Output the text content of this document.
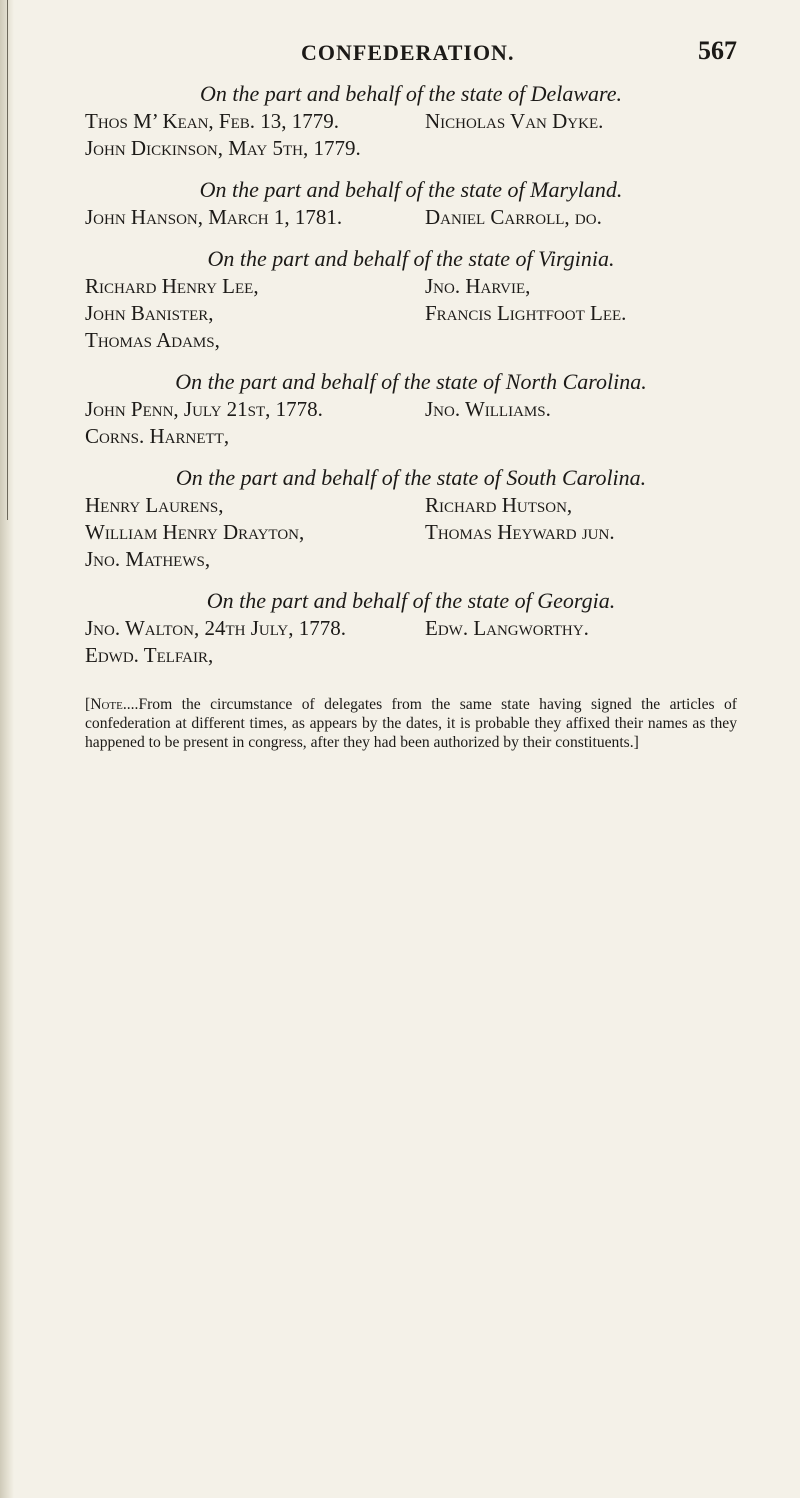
CONFEDERATION.	567

On the part and behalf of the state of Delaware.

Thos M’ Kean, Feb. 13, 1779.	Nicholas Van Dyke.
John Dickinson, May 5th, 1779.

On the part and behalf of the state of Maryland.

John Hanson, March 1, 1781.	Daniel Carroll, do.

On the part and behalf of the state of Virginia.

Richard Henry Lee,	Jno. Harvie,
John Banister,	Francis Lightfoot Lee.
Thomas Adams,

On the part and behalf of the state of North Carolina.

John Penn, July 21st, 1778.	Jno. Williams.
Corns. Harnett,

On the part and behalf of the state of South Carolina.

Henry Laurens,	Richard Hutson,
William Henry Drayton,	Thomas Heyward jun.
Jno. Mathews,

On the part and behalf of the state of Georgia.

Jno. Walton, 24th July, 1778.	Edw. Langworthy.
Edwd. Telfair,

[Note....From the circumstance of delegates from the same state having signed the articles of confederation at different times, as appears by the dates, it is probable they affixed their names as they happened to be present in congress, after they had been authorized by their constituents.]
